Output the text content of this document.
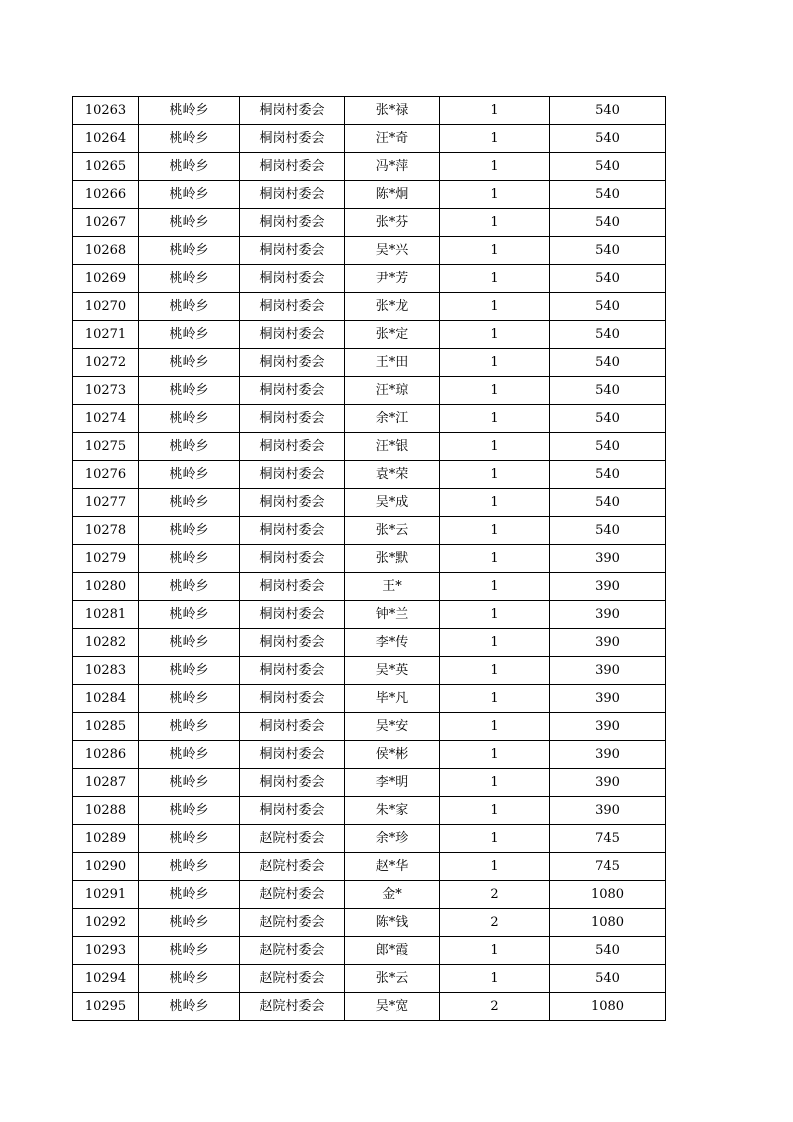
10263	桃岭乡	桐岗村委会	张*禄	1	540
10264	桃岭乡	桐岗村委会	汪*奇	1	540
10265	桃岭乡	桐岗村委会	冯*萍	1	540
10266	桃岭乡	桐岗村委会	陈*炯	1	540
10267	桃岭乡	桐岗村委会	张*芬	1	540
10268	桃岭乡	桐岗村委会	吴*兴	1	540
10269	桃岭乡	桐岗村委会	尹*芳	1	540
10270	桃岭乡	桐岗村委会	张*龙	1	540
10271	桃岭乡	桐岗村委会	张*定	1	540
10272	桃岭乡	桐岗村委会	王*田	1	540
10273	桃岭乡	桐岗村委会	汪*琼	1	540
10274	桃岭乡	桐岗村委会	余*江	1	540
10275	桃岭乡	桐岗村委会	汪*银	1	540
10276	桃岭乡	桐岗村委会	袁*荣	1	540
10277	桃岭乡	桐岗村委会	吴*成	1	540
10278	桃岭乡	桐岗村委会	张*云	1	540
10279	桃岭乡	桐岗村委会	张*默	1	390
10280	桃岭乡	桐岗村委会	王*	1	390
10281	桃岭乡	桐岗村委会	钟*兰	1	390
10282	桃岭乡	桐岗村委会	李*传	1	390
10283	桃岭乡	桐岗村委会	吴*英	1	390
10284	桃岭乡	桐岗村委会	毕*凡	1	390
10285	桃岭乡	桐岗村委会	吴*安	1	390
10286	桃岭乡	桐岗村委会	侯*彬	1	390
10287	桃岭乡	桐岗村委会	李*明	1	390
10288	桃岭乡	桐岗村委会	朱*家	1	390
10289	桃岭乡	赵院村委会	余*珍	1	745
10290	桃岭乡	赵院村委会	赵*华	1	745
10291	桃岭乡	赵院村委会	金*	2	1080
10292	桃岭乡	赵院村委会	陈*钱	2	1080
10293	桃岭乡	赵院村委会	郎*霞	1	540
10294	桃岭乡	赵院村委会	张*云	1	540
10295	桃岭乡	赵院村委会	吴*宽	2	1080
